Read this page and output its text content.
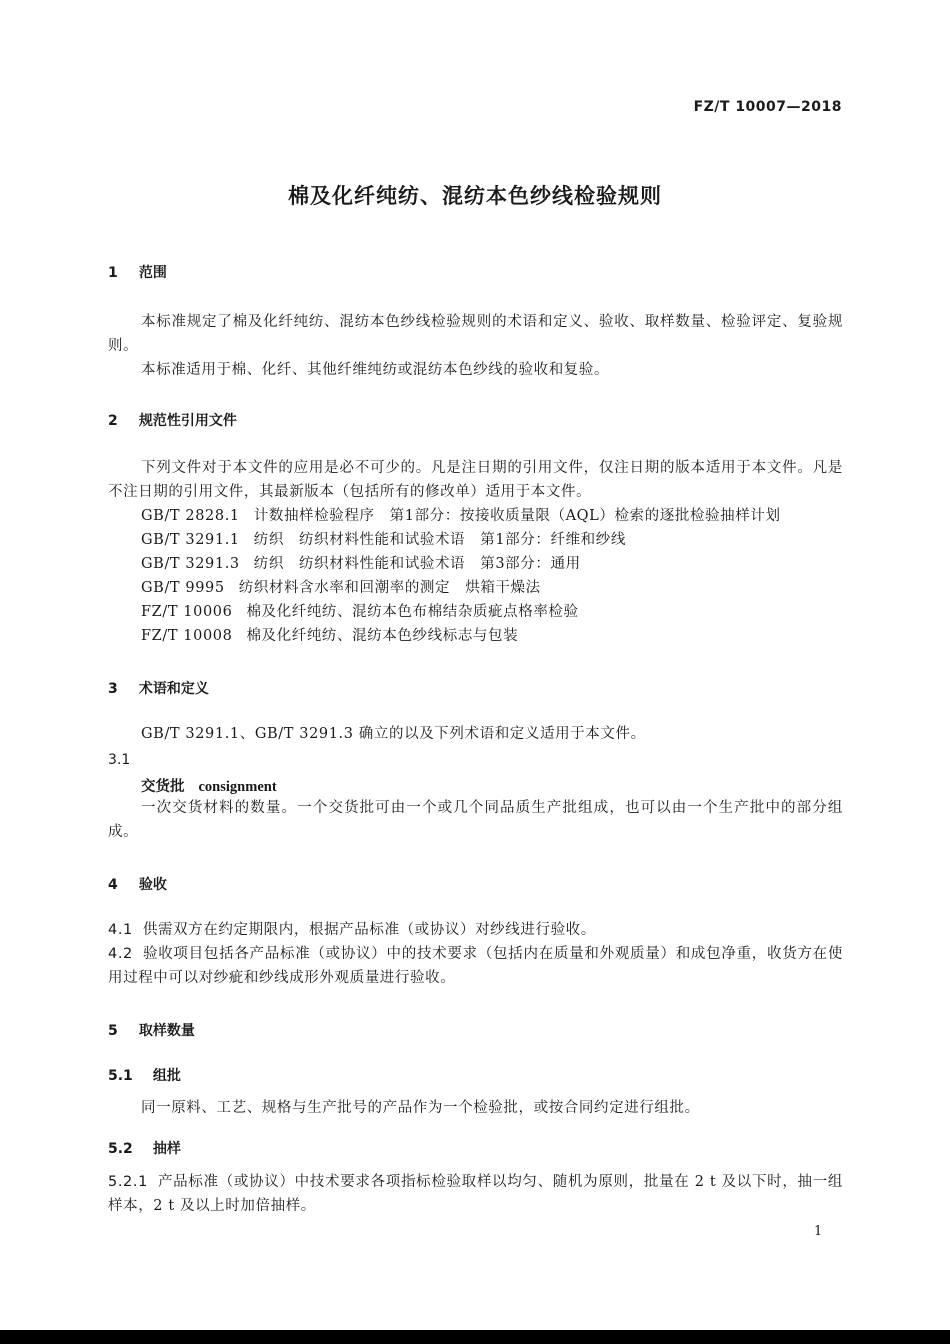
FZ/T 10007—2018
棉及化纤纯纺、混纺本色纱线检验规则
1 范围

本标准规定了棉及化纤纯纺、混纺本色纱线检验规则的术语和定义、验收、取样数量、检验评定、复验规则。

本标准适用于棉、化纤、其他纤维纯纺或混纺本色纱线的验收和复验。

2 规范性引用文件

下列文件对于本文件的应用是必不可少的。凡是注日期的引用文件，仅注日期的版本适用于本文件。凡是不注日期的引用文件，其最新版本（包括所有的修改单）适用于本文件。

GB/T 2828.1 计数抽样检验程序　第1部分：按接收质量限（AQL）检索的逐批检验抽样计划
GB/T 3291.1 纺织　纺织材料性能和试验术语　第1部分：纤维和纱线
GB/T 3291.3 纺织　纺织材料性能和试验术语　第3部分：通用
GB/T 9995 纺织材料含水率和回潮率的测定　烘箱干燥法
FZ/T 10006 棉及化纤纯纺、混纺本色布棉结杂质疵点格率检验
FZ/T 10008 棉及化纤纯纺、混纺本色纱线标志与包装
3 术语和定义

GB/T 3291.1、GB/T 3291.3 确立的以及下列术语和定义适用于本文件。

3.1
交货批 consignment

一次交货材料的数量。一个交货批可由一个或几个同品质生产批组成，也可以由一个生产批中的部分组成。

4 验收

4.1 供需双方在约定期限内，根据产品标准（或协议）对纱线进行验收。

4.2 验收项目包括各产品标准（或协议）中的技术要求（包括内在质量和外观质量）和成包净重，收货方在使用过程中可以对纱疵和纱线成形外观质量进行验收。

5 取样数量
5.1 组批

同一原料、工艺、规格与生产批号的产品作为一个检验批，或按合同约定进行组批。

5.2 抽样

5.2.1 产品标准（或协议）中技术要求各项指标检验取样以均匀、随机为原则，批量在 2 t 及以下时，抽一组样本，2 t 及以上时加倍抽样。

1
